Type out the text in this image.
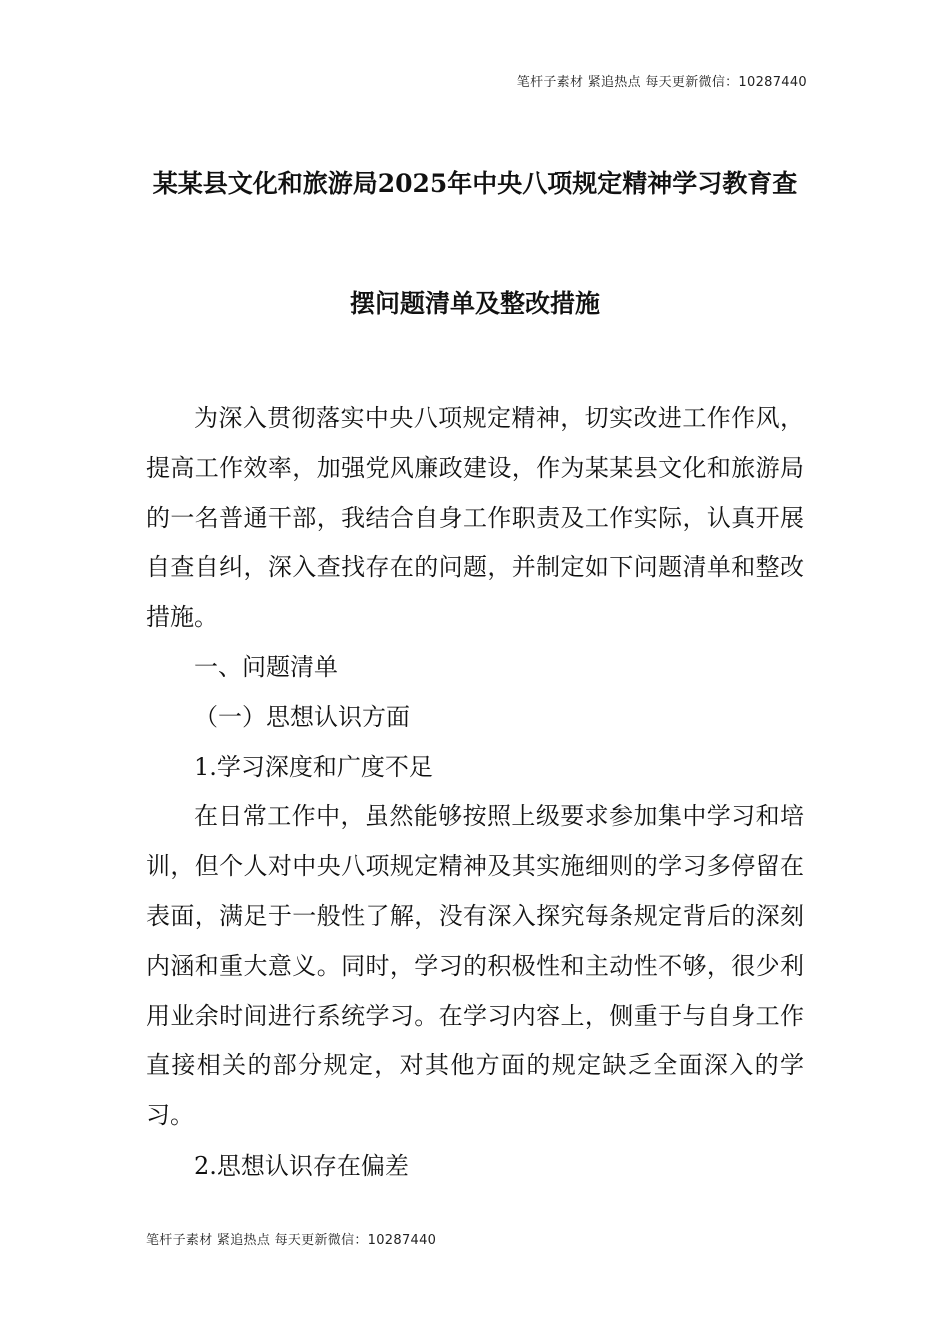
笔杆子素材 紧追热点 每天更新微信：10287440
某某县文化和旅游局2025年中央八项规定精神学习教育查
摆问题清单及整改措施

为深入贯彻落实中央八项规定精神，切实改进工作作风，提高工作效率，加强党风廉政建设，作为某某县文化和旅游局的一名普通干部，我结合自身工作职责及工作实际，认真开展自查自纠，深入查找存在的问题，并制定如下问题清单和整改措施。

一、问题清单

（一）思想认识方面

1.学习深度和广度不足

在日常工作中，虽然能够按照上级要求参加集中学习和培训，但个人对中央八项规定精神及其实施细则的学习多停留在表面，满足于一般性了解，没有深入探究每条规定背后的深刻内涵和重大意义。同时，学习的积极性和主动性不够，很少利用业余时间进行系统学习。在学习内容上，侧重于与自身工作直接相关的部分规定，对其他方面的规定缺乏全面深入的学习。

2.思想认识存在偏差

笔杆子素材 紧追热点 每天更新微信：10287440
